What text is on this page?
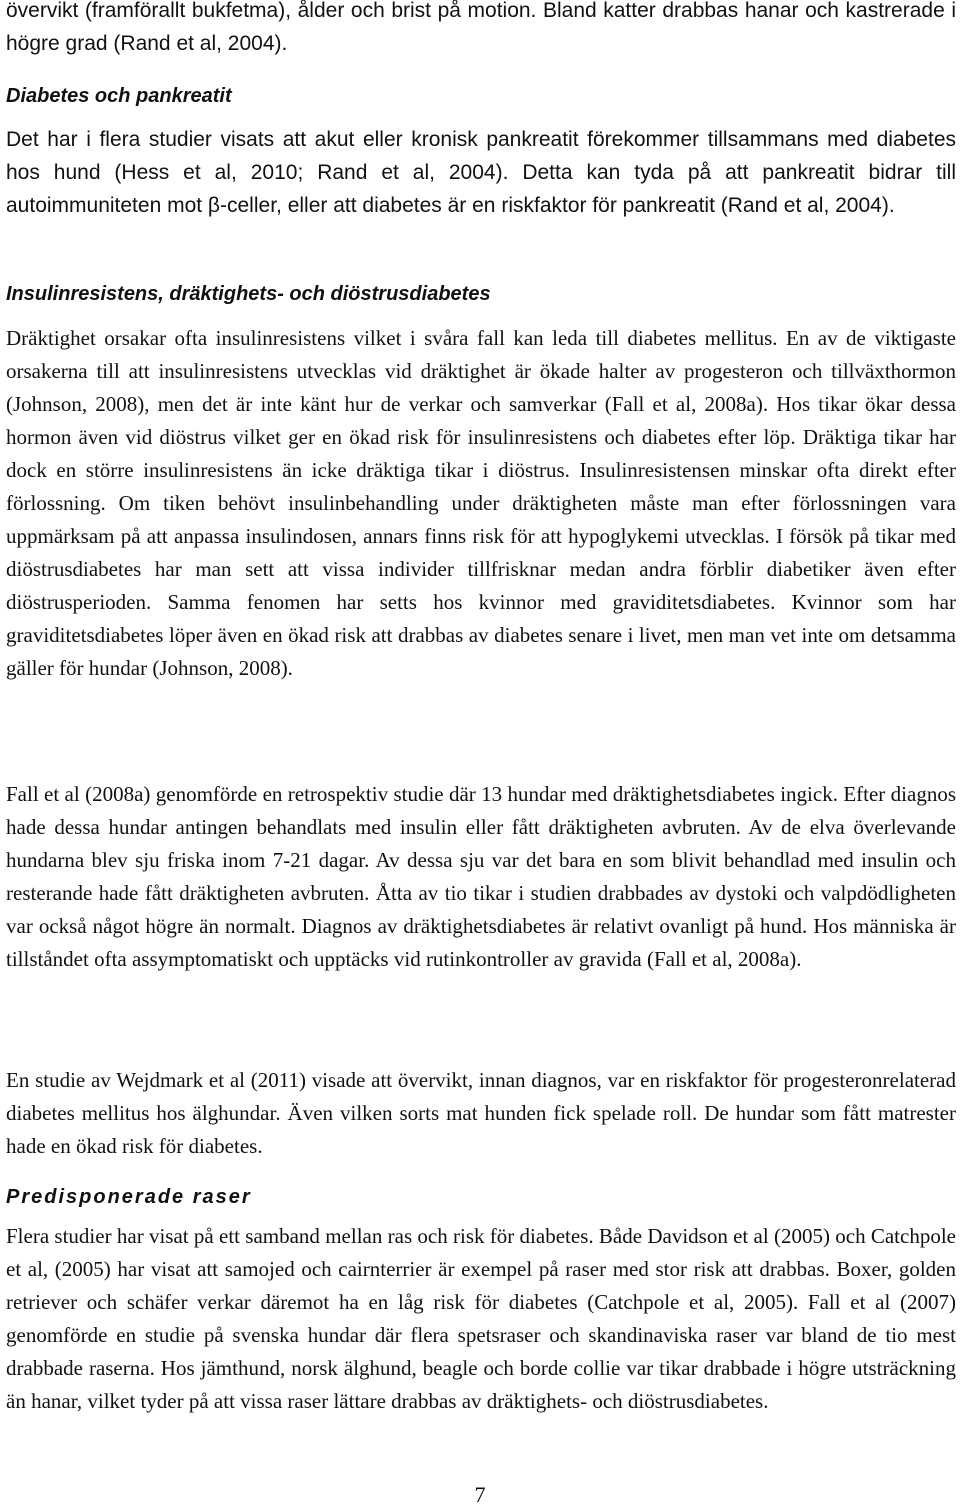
övervikt (framförallt bukfetma), ålder och brist på motion. Bland katter drabbas hanar och kastrerade i högre grad (Rand et al, 2004).

Diabetes och pankreatit

Det har i flera studier visats att akut eller kronisk pankreatit förekommer tillsammans med diabetes hos hund (Hess et al, 2010; Rand et al, 2004). Detta kan tyda på att pankreatit bidrar till autoimmuniteten mot β-celler, eller att diabetes är en riskfaktor för pankreatit (Rand et al, 2004).

Insulinresistens, dräktighets- och diöstrusdiabetes

Dräktighet orsakar ofta insulinresistens vilket i svåra fall kan leda till diabetes mellitus. En av de viktigaste orsakerna till att insulinresistens utvecklas vid dräktighet är ökade halter av progesteron och tillväxthormon (Johnson, 2008), men det är inte känt hur de verkar och samverkar (Fall et al, 2008a). Hos tikar ökar dessa hormon även vid diöstrus vilket ger en ökad risk för insulinresistens och diabetes efter löp. Dräktiga tikar har dock en större insulinresistens än icke dräktiga tikar i diöstrus. Insulinresistensen minskar ofta direkt efter förlossning. Om tiken behövt insulinbehandling under dräktigheten måste man efter förlossningen vara uppmärksam på att anpassa insulindosen, annars finns risk för att hypoglykemi utvecklas. I försök på tikar med diöstrusdiabetes har man sett att vissa individer tillfrisknar medan andra förblir diabetiker även efter diöstrusperioden. Samma fenomen har setts hos kvinnor med graviditetsdiabetes. Kvinnor som har graviditetsdiabetes löper även en ökad risk att drabbas av diabetes senare i livet, men man vet inte om detsamma gäller för hundar (Johnson, 2008).

Fall et al (2008a) genomförde en retrospektiv studie där 13 hundar med dräktighetsdiabetes ingick. Efter diagnos hade dessa hundar antingen behandlats med insulin eller fått dräktigheten avbruten. Av de elva överlevande hundarna blev sju friska inom 7-21 dagar. Av dessa sju var det bara en som blivit behandlad med insulin och resterande hade fått dräktigheten avbruten. Åtta av tio tikar i studien drabbades av dystoki och valpdödligheten var också något högre än normalt. Diagnos av dräktighetsdiabetes är relativt ovanligt på hund. Hos människa är tillståndet ofta assymptomatiskt och upptäcks vid rutinkontroller av gravida (Fall et al, 2008a).

En studie av Wejdmark et al (2011) visade att övervikt, innan diagnos, var en riskfaktor för progesteronrelaterad diabetes mellitus hos älghundar. Även vilken sorts mat hunden fick spelade roll. De hundar som fått matrester hade en ökad risk för diabetes.

Predisponerade raser

Flera studier har visat på ett samband mellan ras och risk för diabetes. Både Davidson et al (2005) och Catchpole et al, (2005) har visat att samojed och cairnterrier är exempel på raser med stor risk att drabbas. Boxer, golden retriever och schäfer verkar däremot ha en låg risk för diabetes (Catchpole et al, 2005). Fall et al (2007) genomförde en studie på svenska hundar där flera spetsraser och skandinaviska raser var bland de tio mest drabbade raserna. Hos jämthund, norsk älghund, beagle och borde collie var tikar drabbade i högre utsträckning än hanar, vilket tyder på att vissa raser lättare drabbas av dräktighets- och diöstrusdiabetes.

7
